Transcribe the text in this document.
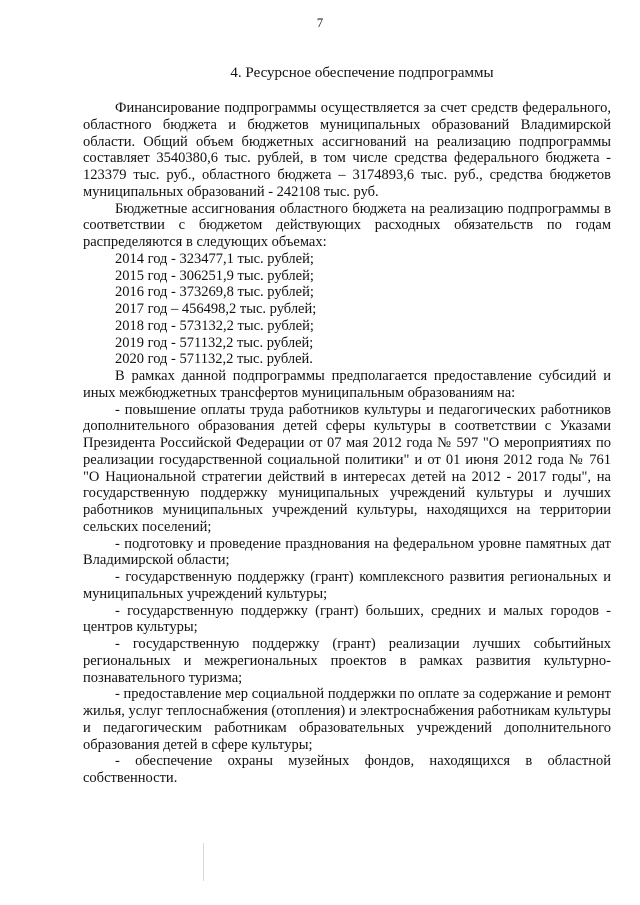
7
4. Ресурсное обеспечение подпрограммы

Финансирование подпрограммы осуществляется за счет средств федерального, областного бюджета и бюджетов муниципальных образований Владимирской области. Общий объем бюджетных ассигнований на реализацию подпрограммы составляет 3540380,6 тыс. рублей, в том числе средства федерального бюджета - 123379 тыс. руб., областного бюджета – 3174893,6 тыс. руб., средства бюджетов муниципальных образований - 242108 тыс. руб.

Бюджетные ассигнования областного бюджета на реализацию подпрограммы в соответствии с бюджетом действующих расходных обязательств по годам распределяются в следующих объемах:

2014 год - 323477,1 тыс. рублей;
2015 год - 306251,9 тыс. рублей;
2016 год - 373269,8 тыс. рублей;
2017 год – 456498,2 тыс. рублей;
2018 год - 573132,2 тыс. рублей;
2019 год - 571132,2 тыс. рублей;
2020 год - 571132,2 тыс. рублей.

В рамках данной подпрограммы предполагается предоставление субсидий и иных межбюджетных трансфертов муниципальным образованиям на:

- повышение оплаты труда работников культуры и педагогических работников дополнительного образования детей сферы культуры в соответствии с Указами Президента Российской Федерации от 07 мая 2012 года № 597 "О мероприятиях по реализации государственной социальной политики" и от 01 июня 2012 года № 761 "О Национальной стратегии действий в интересах детей на 2012 - 2017 годы", на государственную поддержку муниципальных учреждений культуры и лучших работников муниципальных учреждений культуры, находящихся на территории сельских поселений;
- подготовку и проведение празднования на федеральном уровне памятных дат Владимирской области;
- государственную поддержку (грант) комплексного развития региональных и муниципальных учреждений культуры;
- государственную поддержку (грант) больших, средних и малых городов - центров культуры;
- государственную поддержку (грант) реализации лучших событийных региональных и межрегиональных проектов в рамках развития культурно-познавательного туризма;
- предоставление мер социальной поддержки по оплате за содержание и ремонт жилья, услуг теплоснабжения (отопления) и электроснабжения работникам культуры и педагогическим работникам образовательных учреждений дополнительного образования детей в сфере культуры;
- обеспечение охраны музейных фондов, находящихся в областной собственности.
